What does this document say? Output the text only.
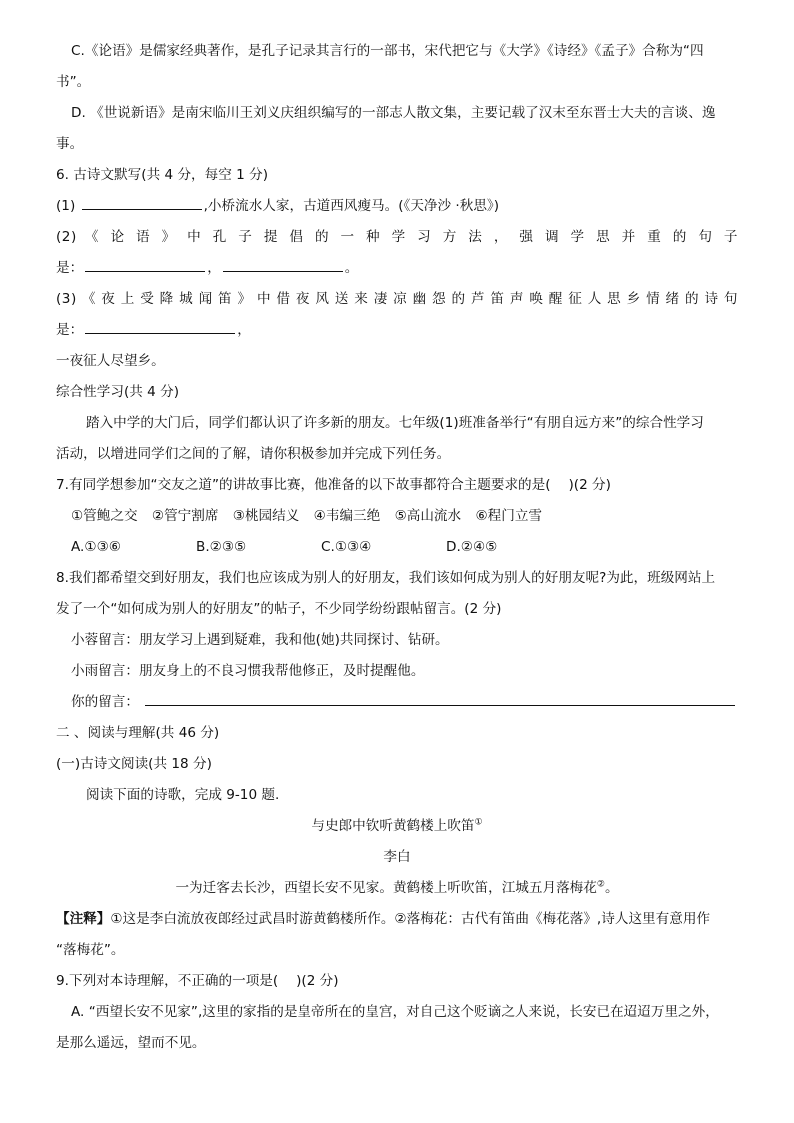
C.《论语》是儒家经典著作，是孔子记录其言行的一部书，宋代把它与《大学》《诗经》《孟子》合称为“四
书”。
D. 《世说新语》是南宋临川王刘义庆组织编写的一部志人散文集，主要记载了汉末至东晋士大夫的言谈、逸
事。
6. 古诗文默写(共 4 分，每空 1 分)
(1)	,小桥流水人家，古道西风瘦马。(《天净沙 ·秋思》)
(2) 《 论 语 》 中 孔 子 提 倡 的 一 种 学 习 方 法 ， 强 调 学 思 并 重 的 句 子
是：	，	。
(3) 《 夜 上 受 降 城 闻 笛 》 中 借 夜 风 送 来 凄 凉 幽 怨 的 芦 笛 声 唤 醒 征 人 思 乡 情 绪 的 诗 句
是：	，
一夜征人尽望乡。
综合性学习(共 4 分)
踏入中学的大门后，同学们都认识了许多新的朋友。七年级(1)班准备举行“有朋自远方来”的综合性学习
活动，以增进同学们之间的了解，请你积极参加并完成下列任务。
7.有同学想参加“交友之道”的讲故事比赛，他准备的以下故事都符合主题要求的是(　 )(2 分)
①管鲍之交 ②管宁割席 ③桃园结义 ④韦编三绝 ⑤高山流水 ⑥程门立雪
A.①③⑥	B.②③⑤	C.①③④	D.②④⑤
8.我们都希望交到好朋友，我们也应该成为别人的好朋友，我们该如何成为别人的好朋友呢?为此，班级网站上
发了一个“如何成为别人的好朋友”的帖子，不少同学纷纷跟帖留言。(2 分)
小蓉留言：朋友学习上遇到疑难，我和他(她)共同探讨、钻研。
小雨留言：朋友身上的不良习惯我帮他修正，及时提醒他。
你的留言：
二 、阅读与理解(共 46 分)
(一)古诗文阅读(共 18 分)
阅读下面的诗歌，完成 9-10 题.
与史郎中钦听黄鹤楼上吹笛①
李白
一为迁客去长沙，西望长安不见家。黄鹤楼上听吹笛，江城五月落梅花②。
【注释】①这是李白流放夜郎经过武昌时游黄鹤楼所作。②落梅花：古代有笛曲《梅花落》,诗人这里有意用作
“落梅花”。
9.下列对本诗理解，不正确的一项是(　 )(2 分)
A. “西望长安不见家”,这里的家指的是皇帝所在的皇宫，对自己这个贬谪之人来说，长安已在迢迢万里之外，
是那么遥远，望而不见。
